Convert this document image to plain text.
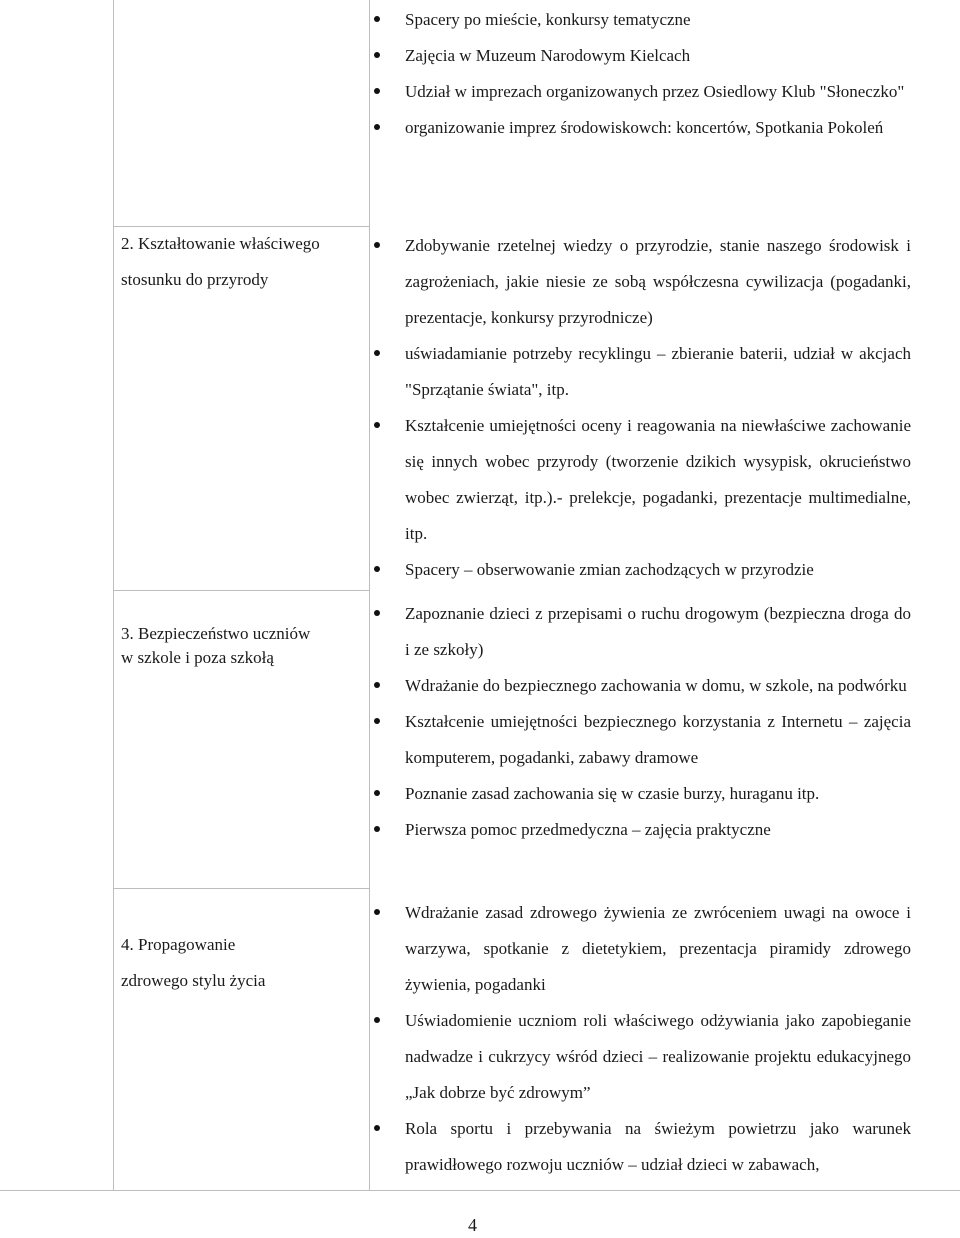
2. Kształtowanie właściwego
stosunku do przyrody
3. Bezpieczeństwo uczniów
w szkole i poza szkołą
4. Propagowanie
zdrowego stylu życia
Spacery po mieście, konkursy tematyczne
Zajęcia w Muzeum Narodowym Kielcach
Udział w imprezach organizowanych przez Osiedlowy Klub "Słoneczko"
organizowanie imprez środowiskowch: koncertów, Spotkania Pokoleń
Zdobywanie rzetelnej wiedzy o przyrodzie, stanie naszego środowisk i zagrożeniach, jakie niesie ze sobą współczesna cywilizacja (pogadanki, prezentacje, konkursy przyrodnicze)
uświadamianie potrzeby recyklingu – zbieranie baterii, udział w akcjach "Sprzątanie świata", itp.
Kształcenie umiejętności oceny i reagowania na niewłaściwe zachowanie się innych wobec przyrody (tworzenie dzikich wysypisk, okrucieństwo wobec zwierząt, itp.).- prelekcje, pogadanki, prezentacje multimedialne, itp.
Spacery – obserwowanie zmian zachodzących w przyrodzie
Zapoznanie dzieci z przepisami o ruchu drogowym (bezpieczna droga do i ze szkoły)
Wdrażanie do bezpiecznego zachowania w domu, w szkole, na podwórku
Kształcenie umiejętności bezpiecznego korzystania z Internetu – zajęcia komputerem, pogadanki, zabawy dramowe
Poznanie zasad zachowania się w czasie burzy, huraganu itp.
Pierwsza pomoc przedmedyczna – zajęcia praktyczne
Wdrażanie zasad zdrowego żywienia ze zwróceniem uwagi na owoce i warzywa, spotkanie z dietetykiem, prezentacja piramidy zdrowego żywienia, pogadanki
Uświadomienie uczniom roli właściwego odżywiania jako zapobieganie nadwadze i cukrzycy wśród dzieci – realizowanie projektu edukacyjnego „Jak dobrze być zdrowym”
Rola sportu i przebywania na świeżym powietrzu jako warunek prawidłowego rozwoju uczniów – udział dzieci w zabawach,
4
